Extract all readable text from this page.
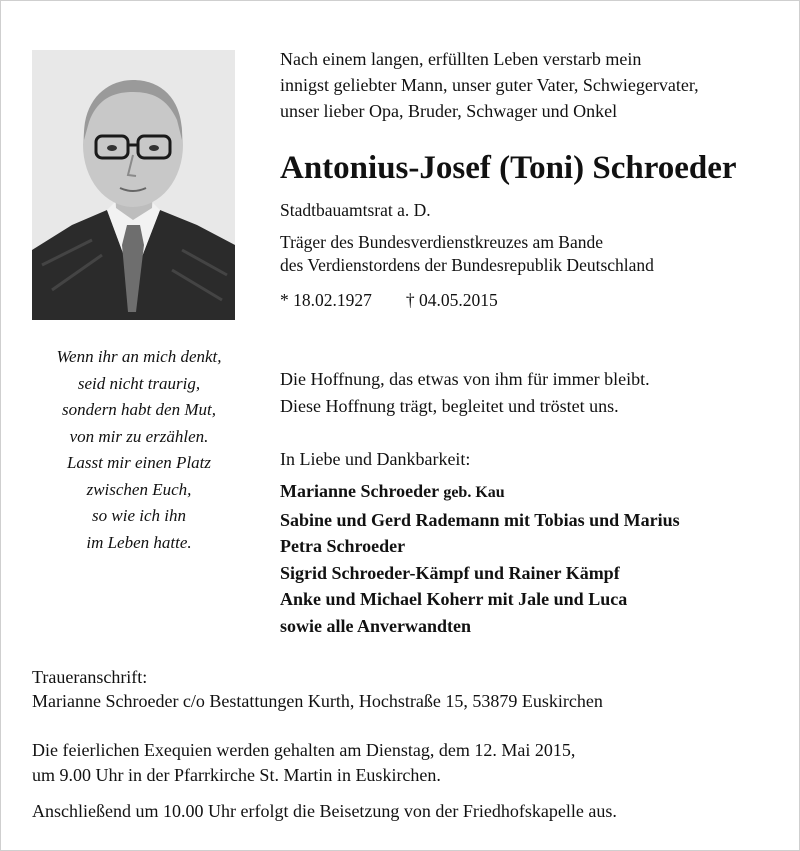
Wenn ihr an mich denkt,
seid nicht traurig,
sondern habt den Mut,
von mir zu erzählen.
Lasst mir einen Platz
zwischen Euch,
so wie ich ihn
im Leben hatte.
Nach einem langen, erfüllten Leben verstarb mein
innigst geliebter Mann, unser guter Vater, Schwiegervater,
unser lieber Opa, Bruder, Schwager und Onkel
Antonius-Josef (Toni) Schroeder
Stadtbauamtsrat a. D.
Träger des Bundesverdienstkreuzes am Bande
des Verdienstordens der Bundesrepublik Deutschland
* 18.02.1927 † 04.05.2015
Die Hoffnung, das etwas von ihm für immer bleibt.
Diese Hoffnung trägt, begleitet und tröstet uns.
In Liebe und Dankbarkeit:
Marianne Schroeder geb. Kau
Sabine und Gerd Rademann mit Tobias und Marius
Petra Schroeder
Sigrid Schroeder-Kämpf und Rainer Kämpf
Anke und Michael Koherr mit Jale und Luca
sowie alle Anverwandten
Traueranschrift:
Marianne Schroeder c/o Bestattungen Kurth, Hochstraße 15, 53879 Euskirchen
Die feierlichen Exequien werden gehalten am Dienstag, dem 12. Mai 2015,
um 9.00 Uhr in der Pfarrkirche St. Martin in Euskirchen.
Anschließend um 10.00 Uhr erfolgt die Beisetzung von der Friedhofskapelle aus.
